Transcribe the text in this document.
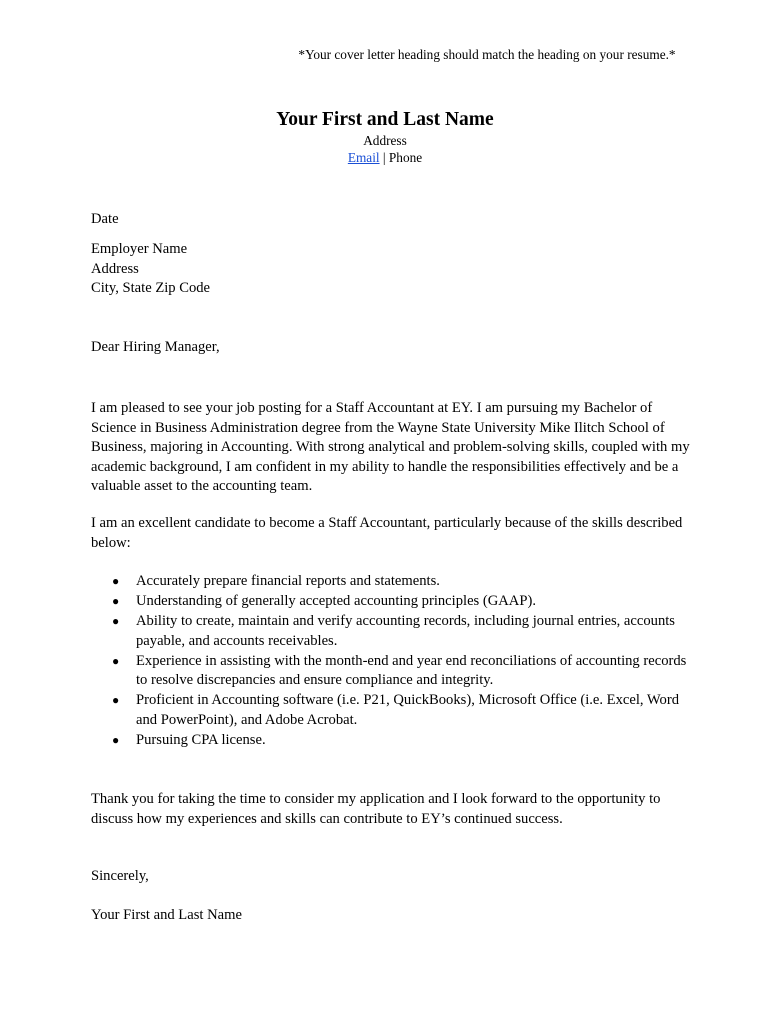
*Your cover letter heading should match the heading on your resume.*
Your First and Last Name
Address
Email | Phone

Date

Employer Name

Address

City, State Zip Code

Dear Hiring Manager,

I am pleased to see your job posting for a Staff Accountant at EY. I am pursuing my Bachelor of Science in Business Administration degree from the Wayne State University Mike Ilitch School of Business, majoring in Accounting. With strong analytical and problem-solving skills, coupled with my academic background, I am confident in my ability to handle the responsibilities effectively and be a valuable asset to the accounting team.

I am an excellent candidate to become a Staff Accountant, particularly because of the skills described below:

● Accurately prepare financial reports and statements.
● Understanding of generally accepted accounting principles (GAAP).
● Ability to create, maintain and verify accounting records, including journal entries, accounts payable, and accounts receivables.
● Experience in assisting with the month-end and year end reconciliations of accounting records to resolve discrepancies and ensure compliance and integrity.
● Proficient in Accounting software (i.e. P21, QuickBooks), Microsoft Office (i.e. Excel, Word and PowerPoint), and Adobe Acrobat.
● Pursuing CPA license.

Thank you for taking the time to consider my application and I look forward to the opportunity to discuss how my experiences and skills can contribute to EY’s continued success.

Sincerely,

Your First and Last Name
